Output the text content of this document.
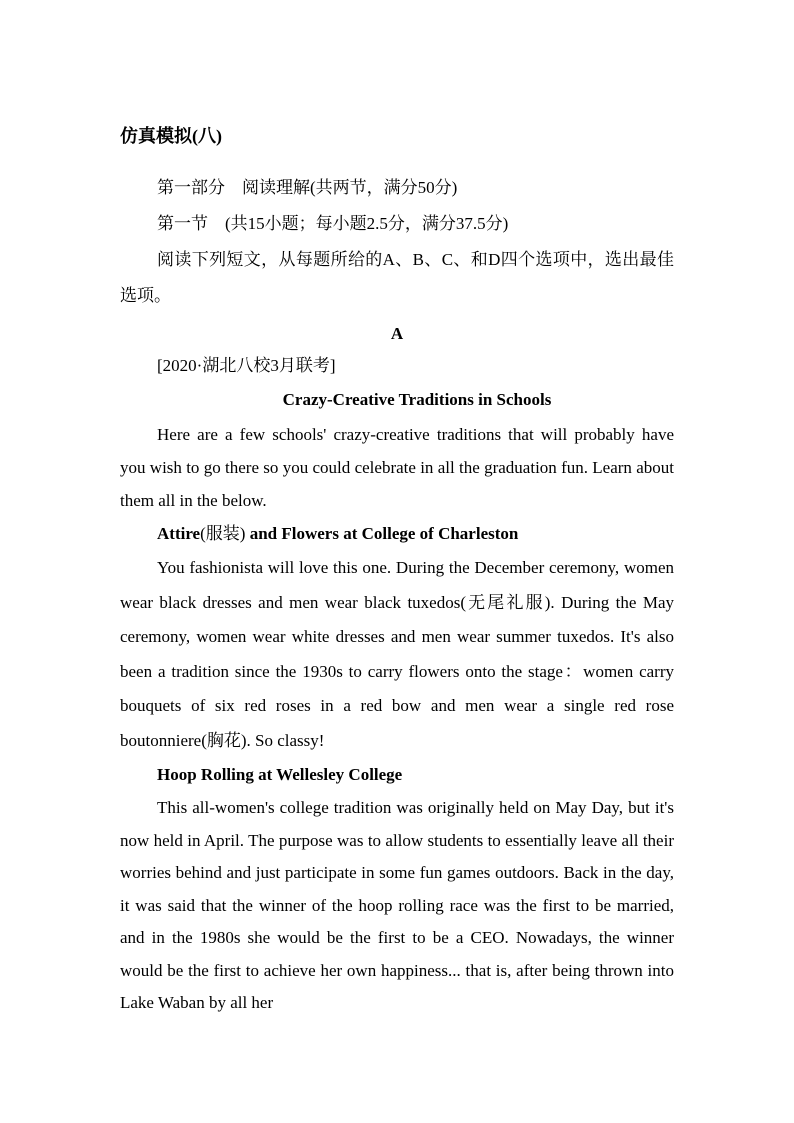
仿真模拟(八)
第一部分　阅读理解(共两节，满分50分)
第一节　(共15小题；每小题2.5分，满分37.5分)
阅读下列短文，从每题所给的A、B、C、和D四个选项中，选出最佳选项。
A
[2020·湖北八校3月联考]
Crazy-Creative Traditions in Schools
Here are a few schools' crazy-creative traditions that will probably have you wish to go there so you could celebrate in all the graduation fun. Learn about them all in the below.
Attire(服装) and Flowers at College of Charleston
You fashionista will love this one. During the December ceremony, women wear black dresses and men wear black tuxedos(无尾礼服). During the May ceremony, women wear white dresses and men wear summer tuxedos. It's also been a tradition since the 1930s to carry flowers onto the stage：women carry bouquets of six red roses in a red bow and men wear a single red rose boutonniere(胸花). So classy!
Hoop Rolling at Wellesley College
This all-women's college tradition was originally held on May Day, but it's now held in April. The purpose was to allow students to essentially leave all their worries behind and just participate in some fun games outdoors. Back in the day, it was said that the winner of the hoop rolling race was the first to be married, and in the 1980s she would be the first to be a CEO. Nowadays, the winner would be the first to achieve her own happiness... that is, after being thrown into Lake Waban by all her
